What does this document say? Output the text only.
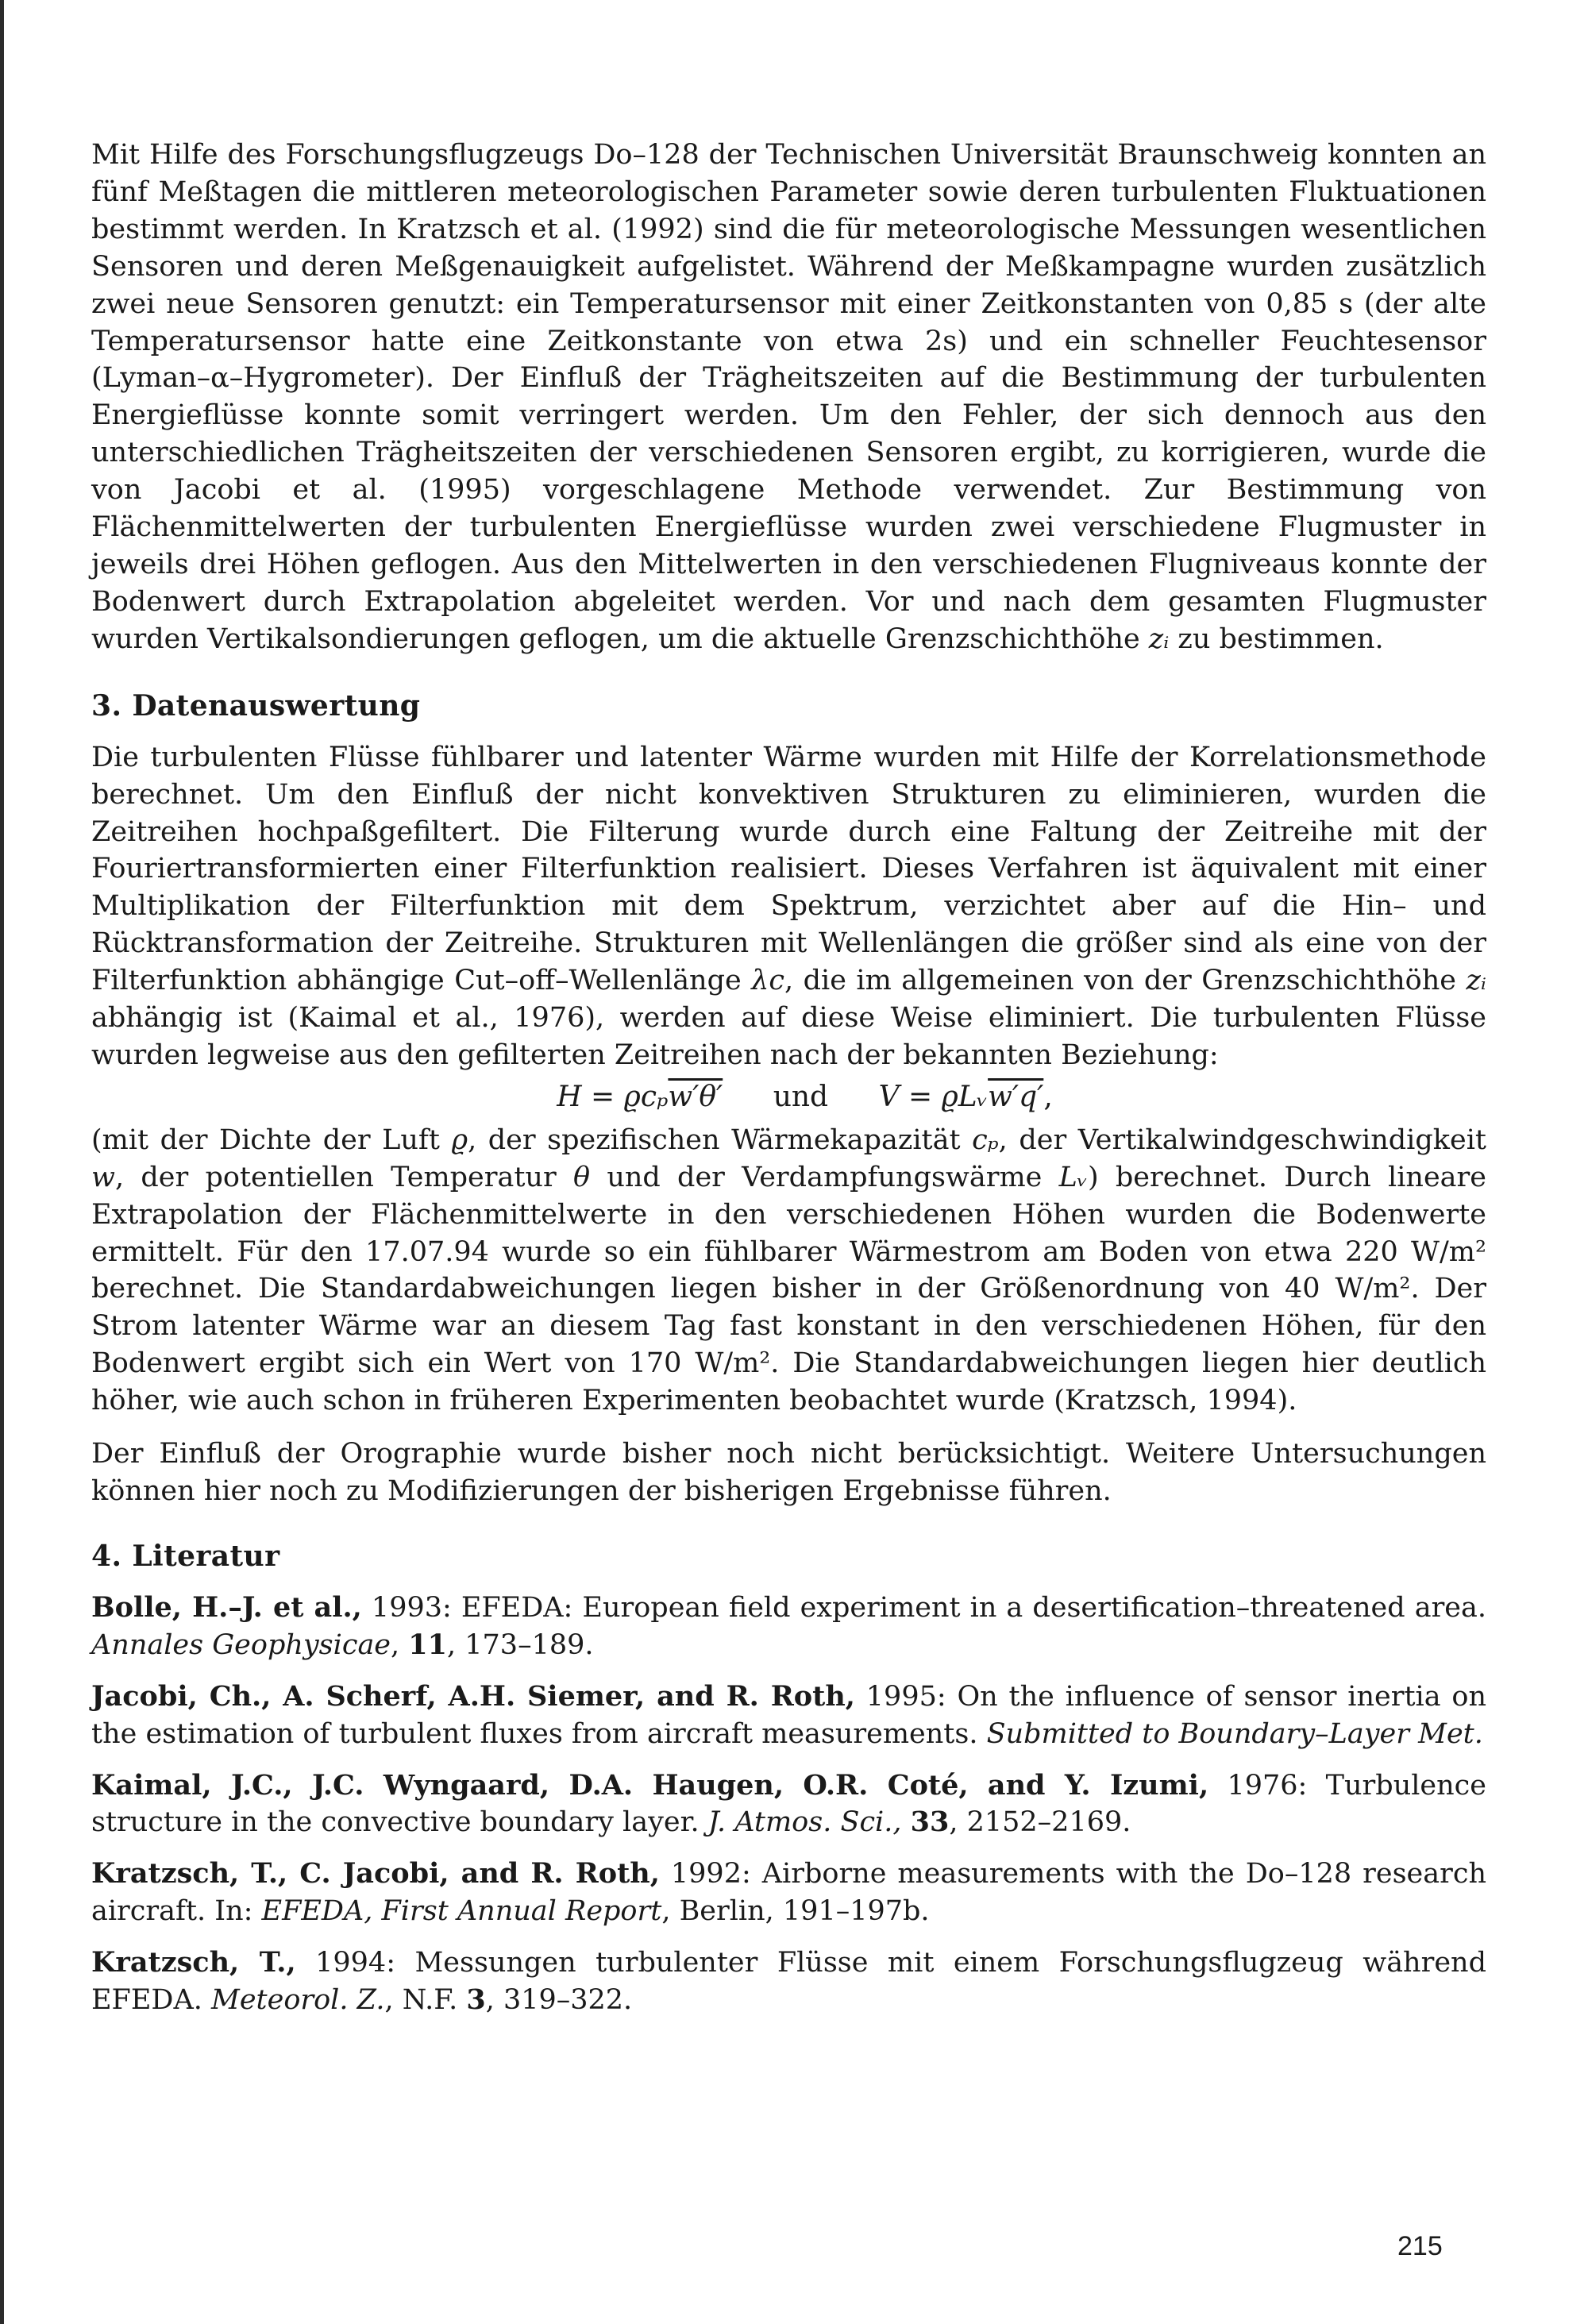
Mit Hilfe des Forschungsflugzeugs Do–128 der Technischen Universität Braunschweig konnten an fünf Meßtagen die mittleren meteorologischen Parameter sowie deren turbulenten Fluktuationen bestimmt werden. In Kratzsch et al. (1992) sind die für meteorologische Messungen wesentlichen Sensoren und deren Meßgenauigkeit aufgelistet. Während der Meßkampagne wurden zusätzlich zwei neue Sensoren genutzt: ein Temperatursensor mit einer Zeitkonstanten von 0,85 s (der alte Temperatursensor hatte eine Zeitkonstante von etwa 2s) und ein schneller Feuchtesensor (Lyman–α–Hygrometer). Der Einfluß der Trägheitszeiten auf die Bestimmung der turbulenten Energieflüsse konnte somit verringert werden. Um den Fehler, der sich dennoch aus den unterschiedlichen Trägheitszeiten der verschiedenen Sensoren ergibt, zu korrigieren, wurde die von Jacobi et al. (1995) vorgeschlagene Methode verwendet. Zur Bestimmung von Flächenmittelwerten der turbulenten Energieflüsse wurden zwei verschiedene Flugmuster in jeweils drei Höhen geflogen. Aus den Mittelwerten in den verschiedenen Flugniveaus konnte der Bodenwert durch Extrapolation abgeleitet werden. Vor und nach dem gesamten Flugmuster wurden Vertikalsondierungen geflogen, um die aktuelle Grenzschichthöhe zᵢ zu bestimmen.

3. Datenauswertung

Die turbulenten Flüsse fühlbarer und latenter Wärme wurden mit Hilfe der Korrelationsmethode berechnet. Um den Einfluß der nicht konvektiven Strukturen zu eliminieren, wurden die Zeitreihen hochpaßgefiltert. Die Filterung wurde durch eine Faltung der Zeitreihe mit der Fouriertransformierten einer Filterfunktion realisiert. Dieses Verfahren ist äquivalent mit einer Multiplikation der Filterfunktion mit dem Spektrum, verzichtet aber auf die Hin– und Rücktransformation der Zeitreihe. Strukturen mit Wellenlängen die größer sind als eine von der Filterfunktion abhängige Cut–off–Wellenlänge λc, die im allgemeinen von der Grenzschichthöhe zᵢ abhängig ist (Kaimal et al., 1976), werden auf diese Weise eliminiert. Die turbulenten Flüsse wurden legweise aus den gefilterten Zeitreihen nach der bekannten Beziehung:

H = ϱcₚw′θ′ und V = ϱLᵥw′q′,

(mit der Dichte der Luft ϱ, der spezifischen Wärmekapazität cₚ, der Vertikalwindgeschwindigkeit w, der potentiellen Temperatur θ und der Verdampfungswärme Lᵥ) berechnet. Durch lineare Extrapolation der Flächenmittelwerte in den verschiedenen Höhen wurden die Bodenwerte ermittelt. Für den 17.07.94 wurde so ein fühlbarer Wärmestrom am Boden von etwa 220 W/m² berechnet. Die Standardabweichungen liegen bisher in der Größenordnung von 40 W/m². Der Strom latenter Wärme war an diesem Tag fast konstant in den verschiedenen Höhen, für den Bodenwert ergibt sich ein Wert von 170 W/m². Die Standardabweichungen liegen hier deutlich höher, wie auch schon in früheren Experimenten beobachtet wurde (Kratzsch, 1994).

Der Einfluß der Orographie wurde bisher noch nicht berücksichtigt. Weitere Untersuchungen können hier noch zu Modifizierungen der bisherigen Ergebnisse führen.

4. Literatur

Bolle, H.–J. et al., 1993: EFEDA: European field experiment in a desertification–threatened area. Annales Geophysicae, 11, 173–189.

Jacobi, Ch., A. Scherf, A.H. Siemer, and R. Roth, 1995: On the influence of sensor inertia on the estimation of turbulent fluxes from aircraft measurements. Submitted to Boundary–Layer Met.

Kaimal, J.C., J.C. Wyngaard, D.A. Haugen, O.R. Coté, and Y. Izumi, 1976: Turbulence structure in the convective boundary layer. J. Atmos. Sci., 33, 2152–2169.

Kratzsch, T., C. Jacobi, and R. Roth, 1992: Airborne measurements with the Do–128 research aircraft. In: EFEDA, First Annual Report, Berlin, 191–197b.

Kratzsch, T., 1994: Messungen turbulenter Flüsse mit einem Forschungsflugzeug während EFEDA. Meteorol. Z., N.F. 3, 319–322.

215
